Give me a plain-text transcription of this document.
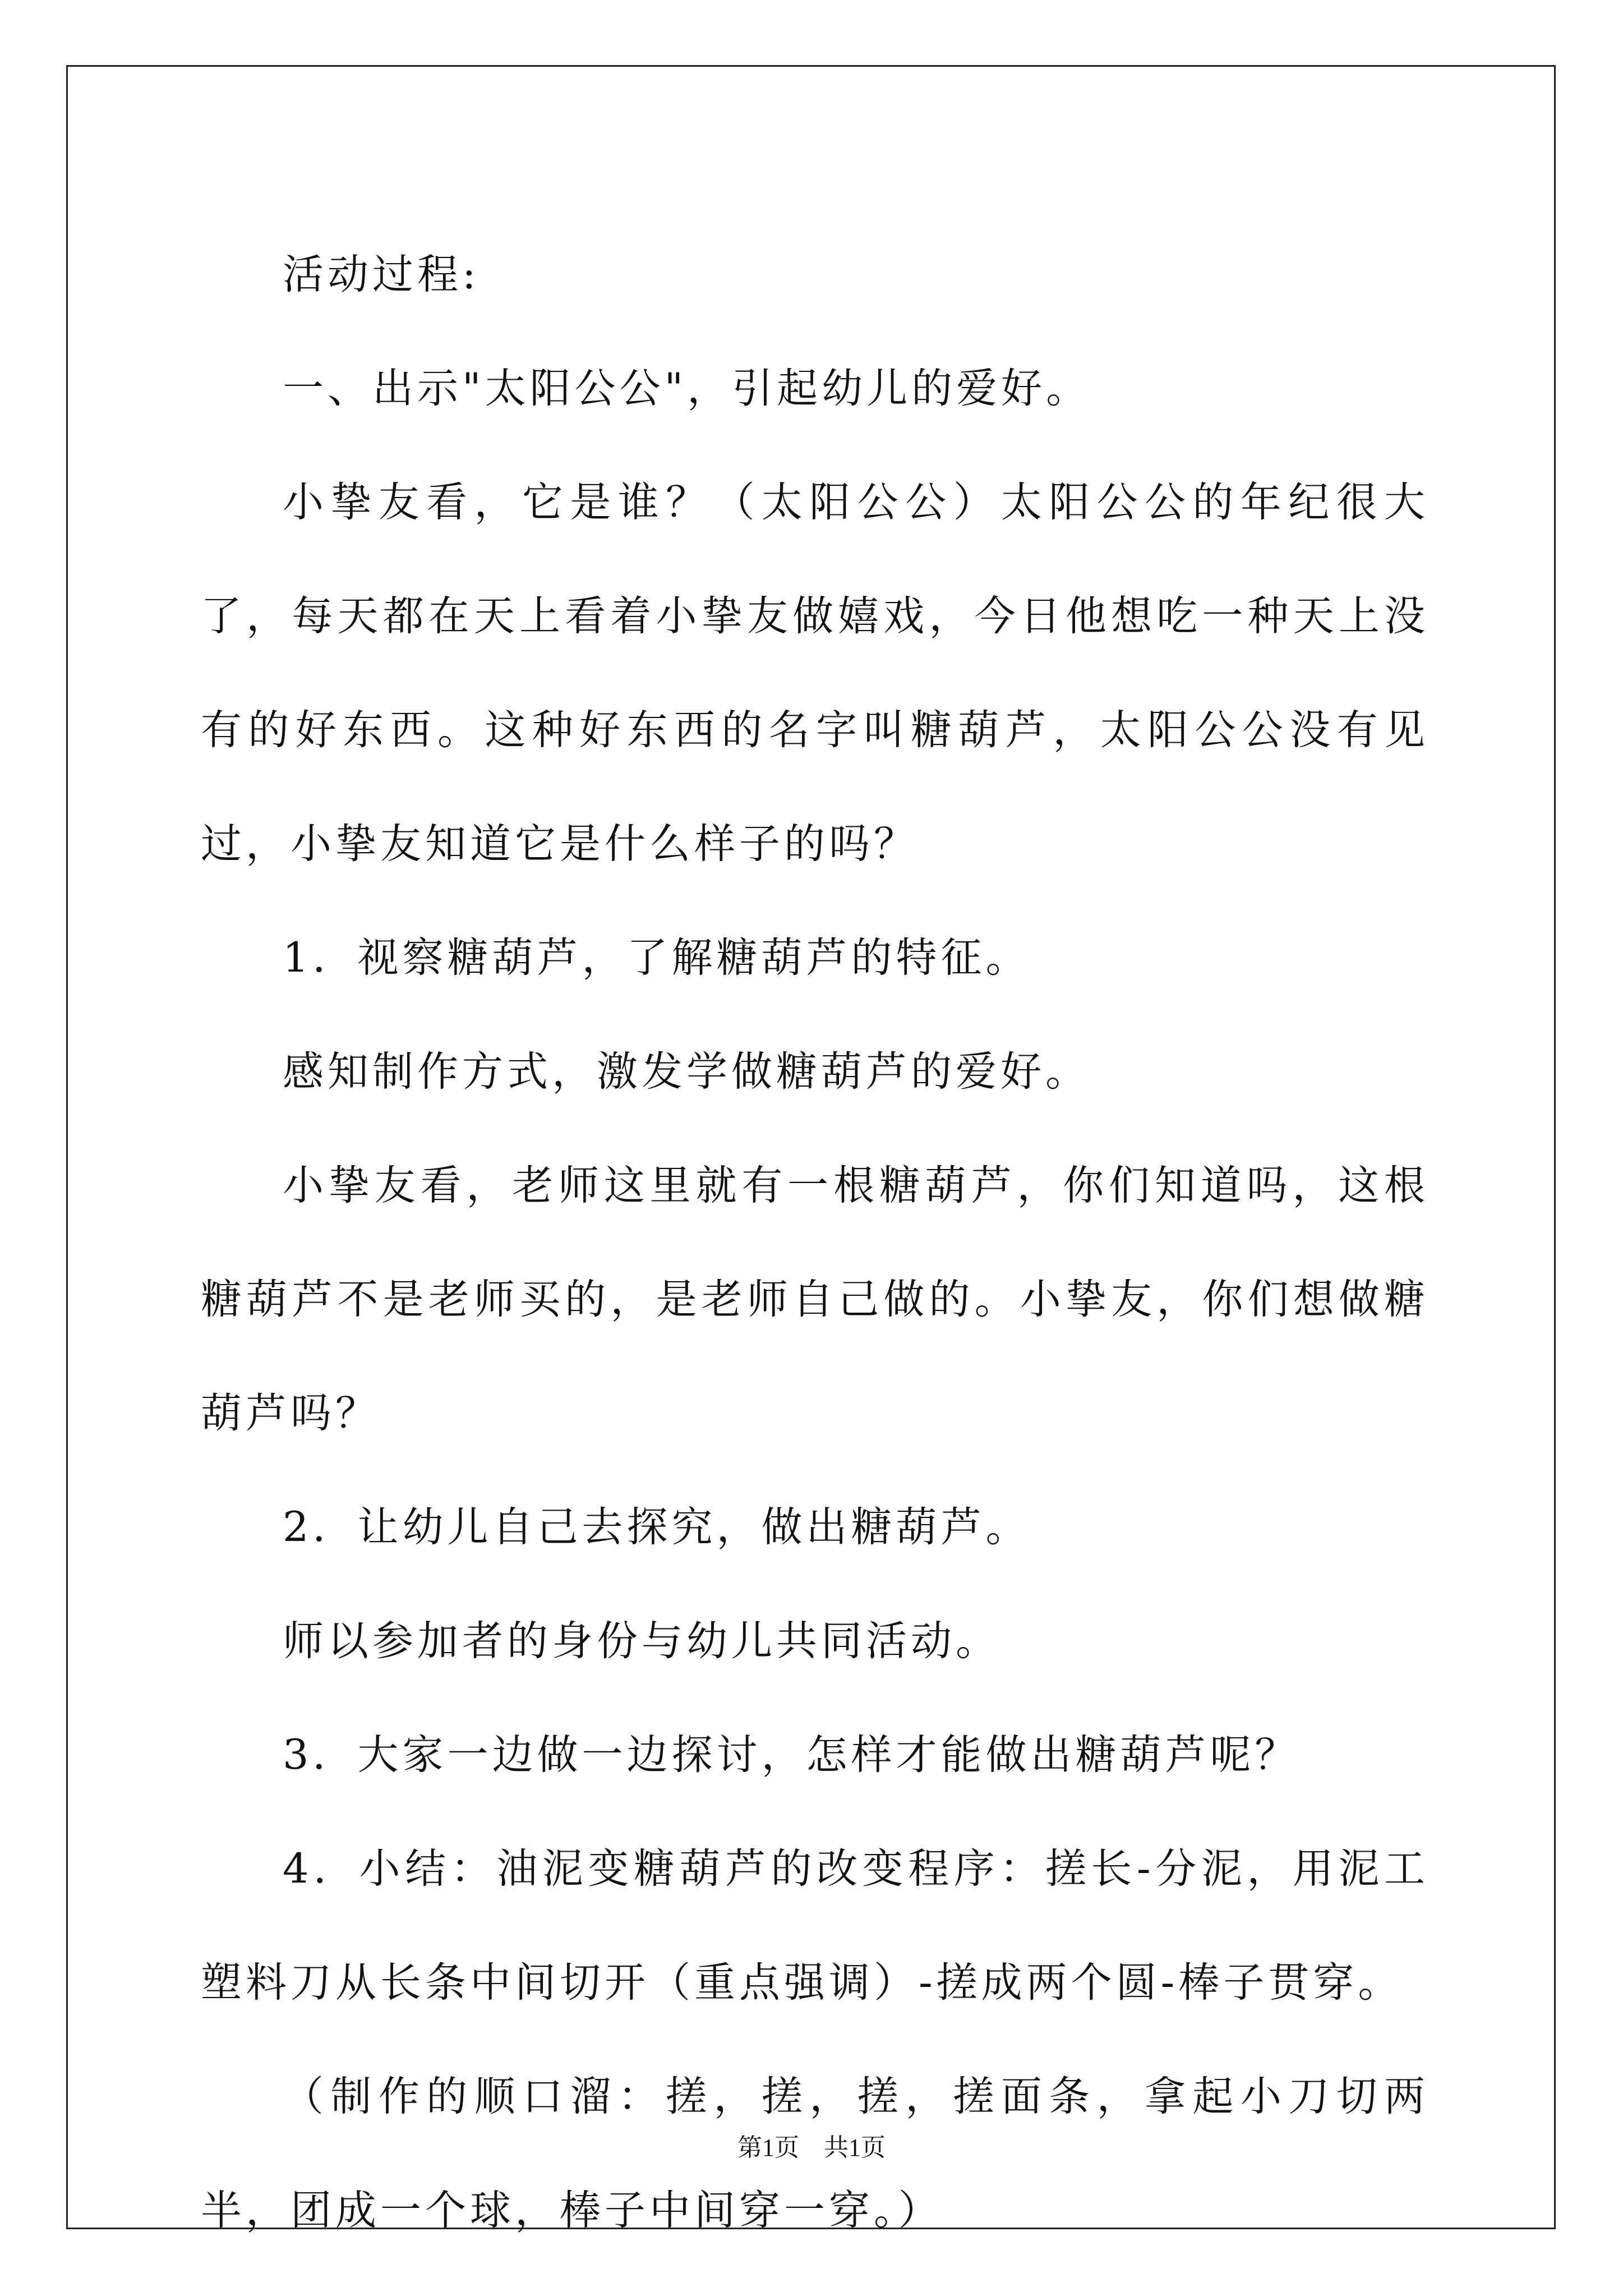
活动过程:

一、出示"太阳公公"，引起幼儿的爱好。

小挚友看，它是谁？（太阳公公）太阳公公的年纪很大了，每天都在天上看着小挚友做嬉戏，今日他想吃一种天上没有的好东西。这种好东西的名字叫糖葫芦，太阳公公没有见过，小挚友知道它是什么样子的吗？

1．视察糖葫芦，了解糖葫芦的特征。

感知制作方式，激发学做糖葫芦的爱好。

小挚友看，老师这里就有一根糖葫芦，你们知道吗，这根糖葫芦不是老师买的，是老师自己做的。小挚友，你们想做糖葫芦吗？

2．让幼儿自己去探究，做出糖葫芦。

师以参加者的身份与幼儿共同活动。

3．大家一边做一边探讨，怎样才能做出糖葫芦呢？

4．小结：油泥变糖葫芦的改变程序：搓长-分泥，用泥工塑料刀从长条中间切开（重点强调）-搓成两个圆-棒子贯穿。

（制作的顺口溜：搓，搓，搓，搓面条，拿起小刀切两半，团成一个球，棒子中间穿一穿。）

第1页 共1页
